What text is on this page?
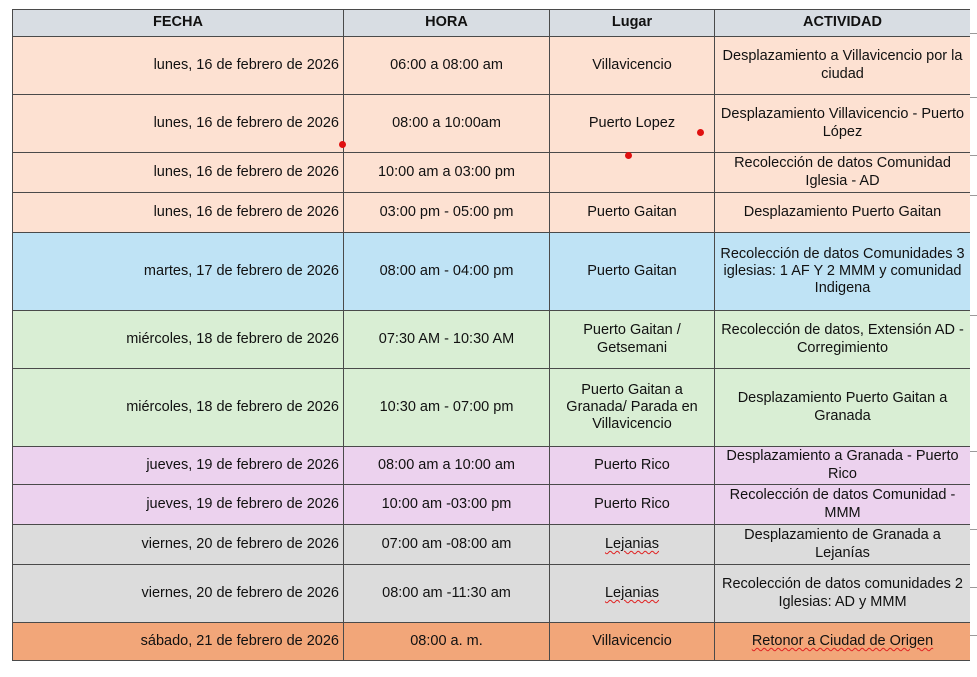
FECHA	HORA	Lugar	ACTIVIDAD
lunes, 16 de febrero de 2026	06:00 a 08:00 am	Villavicencio	Desplazamiento a Villavicencio por la ciudad
lunes, 16 de febrero de 2026	08:00 a 10:00am	Puerto Lopez	Desplazamiento Villavicencio - Puerto López
lunes, 16 de febrero de 2026	10:00 am a 03:00 pm		Recolección de datos Comunidad Iglesia - AD
lunes, 16 de febrero de 2026	03:00 pm - 05:00 pm	Puerto Gaitan	Desplazamiento Puerto Gaitan
martes, 17 de febrero de 2026	08:00 am - 04:00 pm	Puerto Gaitan	Recolección de datos Comunidades 3 iglesias: 1 AF Y 2 MMM y comunidad Indigena
miércoles, 18 de febrero de 2026	07:30 AM - 10:30 AM	Puerto Gaitan / Getsemani	Recolección de datos, Extensión AD - Corregimiento
miércoles, 18 de febrero de 2026	10:30 am - 07:00 pm	Puerto Gaitan a Granada/ Parada en Villavicencio	Desplazamiento Puerto Gaitan a Granada
jueves, 19 de febrero de 2026	08:00 am a 10:00 am	Puerto Rico	Desplazamiento a Granada - Puerto Rico
jueves, 19 de febrero de 2026	10:00 am -03:00 pm	Puerto Rico	Recolección de datos Comunidad - MMM
viernes, 20 de febrero de 2026	07:00 am -08:00 am	Lejanias	Desplazamiento de Granada a Lejanías
viernes, 20 de febrero de 2026	08:00 am -11:30 am	Lejanias	Recolección de datos comunidades 2 Iglesias: AD y MMM
sábado, 21 de febrero de 2026	08:00 a. m.	Villavicencio	Retonor a Ciudad de Origen
